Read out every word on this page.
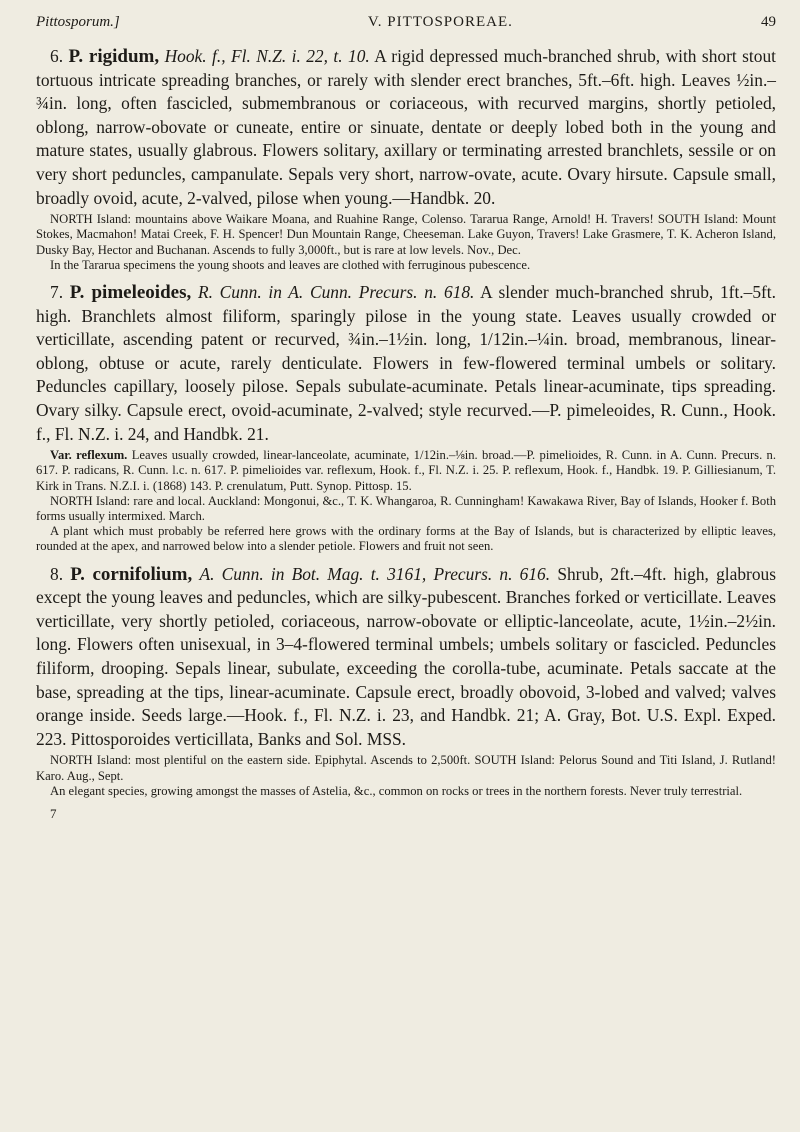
Pittosporum.]	V. PITTOSPOREAE.	49

6. P. rigidum, Hook. f., Fl. N.Z. i. 22, t. 10. A rigid depressed much-branched shrub, with short stout tortuous intricate spreading branches, or rarely with slender erect branches, 5ft.–6ft. high. Leaves ½in.–¾in. long, often fascicled, submembranous or coriaceous, with recurved margins, shortly petioled, oblong, narrow-obovate or cuneate, entire or sinuate, dentate or deeply lobed both in the young and mature states, usually glabrous. Flowers solitary, axillary or terminating arrested branchlets, sessile or on very short peduncles, campanulate. Sepals very short, narrow-ovate, acute. Ovary hirsute. Capsule small, broadly ovoid, acute, 2-valved, pilose when young.—Handbk. 20.

NORTH Island: mountains above Waikare Moana, and Ruahine Range, Colenso. Tararua Range, Arnold! H. Travers! SOUTH Island: Mount Stokes, Macmahon! Matai Creek, F. H. Spencer! Dun Mountain Range, Cheeseman. Lake Guyon, Travers! Lake Grasmere, T. K. Acheron Island, Dusky Bay, Hector and Buchanan. Ascends to fully 3,000ft., but is rare at low levels. Nov., Dec.

In the Tararua specimens the young shoots and leaves are clothed with ferruginous pubescence.

7. P. pimeleoides, R. Cunn. in A. Cunn. Precurs. n. 618. A slender much-branched shrub, 1ft.–5ft. high. Branchlets almost filiform, sparingly pilose in the young state. Leaves usually crowded or verticillate, ascending patent or recurved, ¾in.–1½in. long, 1/12in.–¼in. broad, membranous, linear-oblong, obtuse or acute, rarely denticulate. Flowers in few-flowered terminal umbels or solitary. Peduncles capillary, loosely pilose. Sepals subulate-acuminate. Petals linear-acuminate, tips spreading. Ovary silky. Capsule erect, ovoid-acuminate, 2-valved; style recurved.—P. pimeleoides, R. Cunn., Hook. f., Fl. N.Z. i. 24, and Handbk. 21.

Var. reflexum. Leaves usually crowded, linear-lanceolate, acuminate, 1/12in.–⅛in. broad.—P. pimelioides, R. Cunn. in A. Cunn. Precurs. n. 617. P. radicans, R. Cunn. l.c. n. 617. P. pimelioides var. reflexum, Hook. f., Fl. N.Z. i. 25. P. reflexum, Hook. f., Handbk. 19. P. Gilliesianum, T. Kirk in Trans. N.Z.I. i. (1868) 143. P. crenulatum, Putt. Synop. Pittosp. 15.

NORTH Island: rare and local. Auckland: Mongonui, &c., T. K. Whangaroa, R. Cunningham! Kawakawa River, Bay of Islands, Hooker f. Both forms usually intermixed. March.

A plant which must probably be referred here grows with the ordinary forms at the Bay of Islands, but is characterized by elliptic leaves, rounded at the apex, and narrowed below into a slender petiole. Flowers and fruit not seen.

8. P. cornifolium, A. Cunn. in Bot. Mag. t. 3161, Precurs. n. 616. Shrub, 2ft.–4ft. high, glabrous except the young leaves and peduncles, which are silky-pubescent. Branches forked or verticillate. Leaves verticillate, very shortly petioled, coriaceous, narrow-obovate or elliptic-lanceolate, acute, 1½in.–2½in. long. Flowers often unisexual, in 3–4-flowered terminal umbels; umbels solitary or fascicled. Peduncles filiform, drooping. Sepals linear, subulate, exceeding the corolla-tube, acuminate. Petals saccate at the base, spreading at the tips, linear-acuminate. Capsule erect, broadly obovoid, 3-lobed and valved; valves orange inside. Seeds large.—Hook. f., Fl. N.Z. i. 23, and Handbk. 21; A. Gray, Bot. U.S. Expl. Exped. 223. Pittosporoides verticillata, Banks and Sol. MSS.

NORTH Island: most plentiful on the eastern side. Epiphytal. Ascends to 2,500ft. SOUTH Island: Pelorus Sound and Titi Island, J. Rutland! Karo. Aug., Sept.

An elegant species, growing amongst the masses of Astelia, &c., common on rocks or trees in the northern forests. Never truly terrestrial.

7
